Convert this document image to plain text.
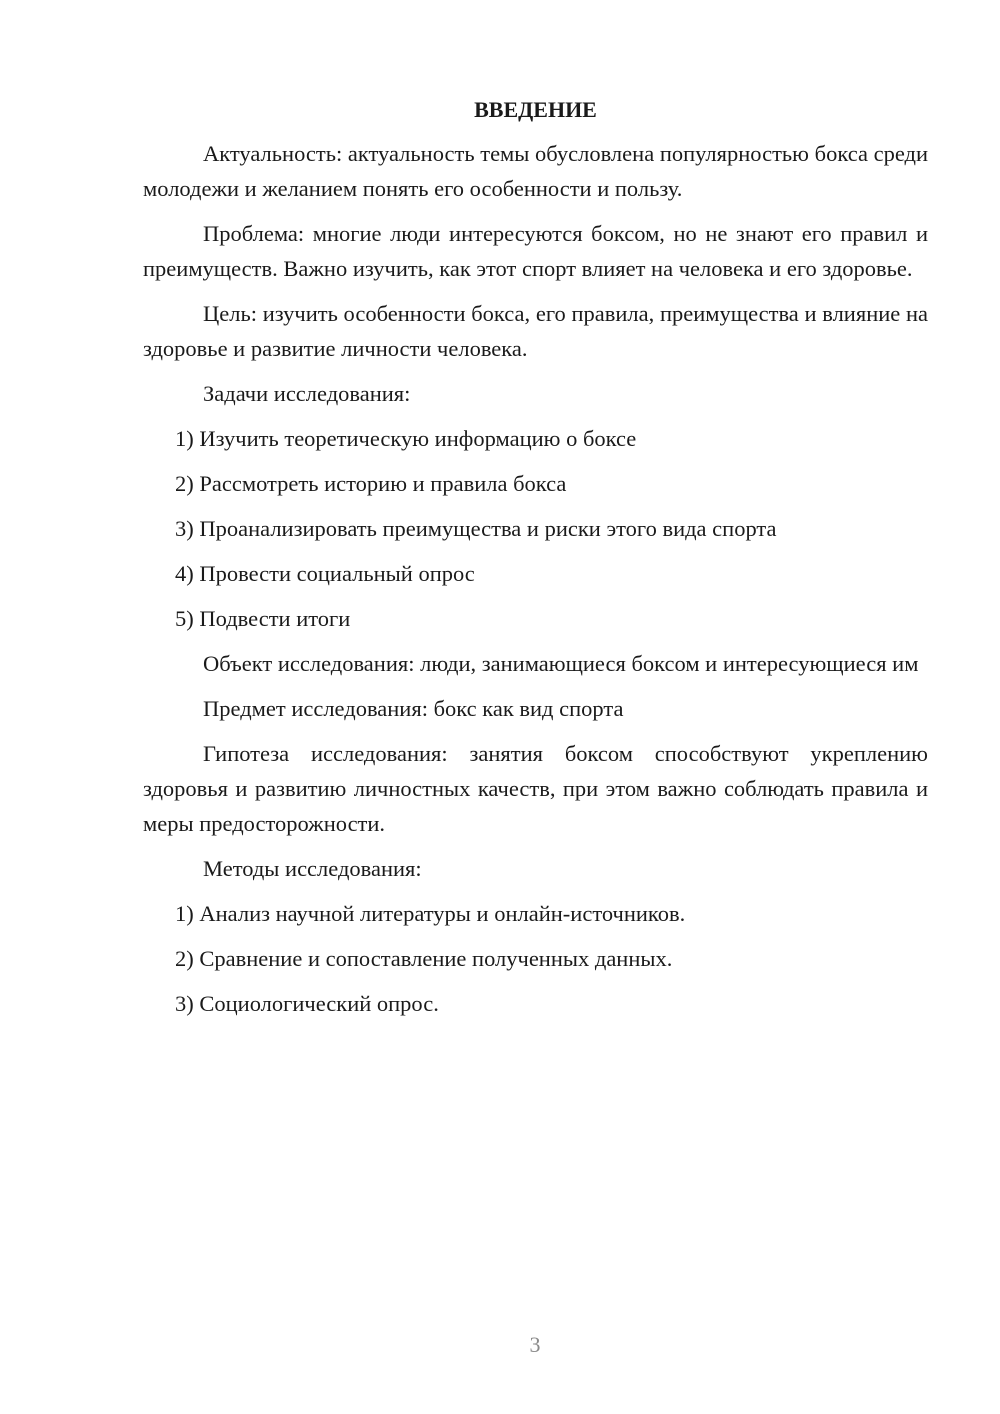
ВВЕДЕНИЕ

Актуальность: актуальность темы обусловлена популярностью бокса среди молодежи и желанием понять его особенности и пользу.

Проблема: многие люди интересуются боксом, но не знают его правил и преимуществ. Важно изучить, как этот спорт влияет на человека и его здоровье.

Цель: изучить особенности бокса, его правила, преимущества и влияние на здоровье и развитие личности человека.

Задачи исследования:

1) Изучить теоретическую информацию о боксе
2) Рассмотреть историю и правила бокса
3) Проанализировать преимущества и риски этого вида спорта
4) Провести социальный опрос
5) Подвести итоги

Объект исследования: люди, занимающиеся боксом и интересующиеся им

Предмет исследования: бокс как вид спорта

Гипотеза исследования: занятия боксом способствуют укреплению здоровья и развитию личностных качеств, при этом важно соблюдать правила и меры предосторожности.

Методы исследования:

1) Анализ научной литературы и онлайн-источников.
2) Сравнение и сопоставление полученных данных.
3) Социологический опрос.
3
